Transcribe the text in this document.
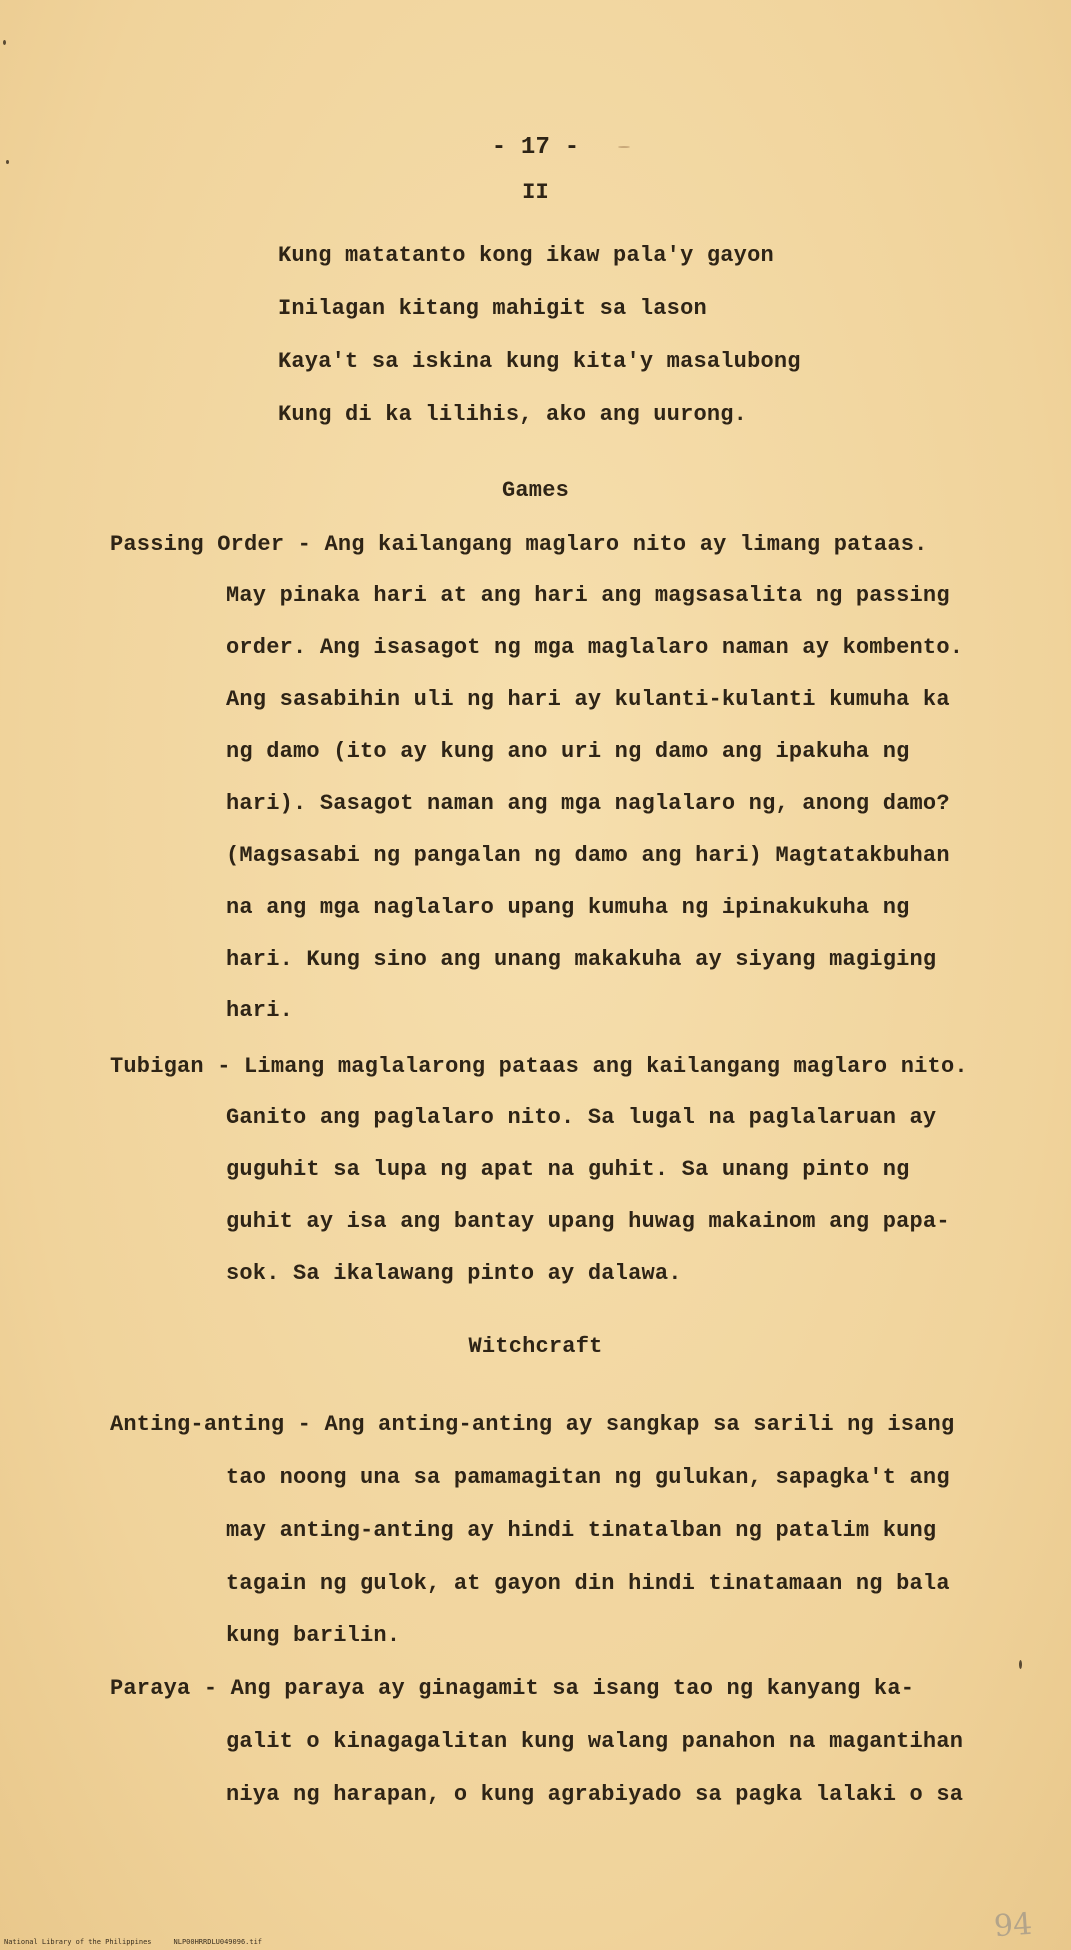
- 17 -
II
Kung matatanto kong ikaw pala'y gayon
Inilagan kitang mahigit sa lason
Kaya't sa iskina kung kita'y masalubong
Kung di ka lilihis, ako ang uurong.
Games
Passing Order - Ang kailangang maglaro nito ay limang pataas.
May pinaka hari at ang hari ang magsasalita ng passing
order. Ang isasagot ng mga maglalaro naman ay kombento.
Ang sasabihin uli ng hari ay kulanti-kulanti kumuha ka
ng damo (ito ay kung ano uri ng damo ang ipakuha ng
hari). Sasagot naman ang mga naglalaro ng, anong damo?
(Magsasabi ng pangalan ng damo ang hari) Magtatakbuhan
na ang mga naglalaro upang kumuha ng ipinakukuha ng
hari. Kung sino ang unang makakuha ay siyang magiging
hari.
Tubigan - Limang maglalarong pataas ang kailangang maglaro nito.
Ganito ang paglalaro nito. Sa lugal na paglalaruan ay
guguhit sa lupa ng apat na guhit. Sa unang pinto ng
guhit ay isa ang bantay upang huwag makainom ang papa-
sok. Sa ikalawang pinto ay dalawa.
Witchcraft
Anting-anting - Ang anting-anting ay sangkap sa sarili ng isang
tao noong una sa pamamagitan ng gulukan, sapagka't ang
may anting-anting ay hindi tinatalban ng patalim kung
tagain ng gulok, at gayon din hindi tinatamaan ng bala
kung barilin.
Paraya - Ang paraya ay ginagamit sa isang tao ng kanyang ka-
galit o kinagagalitan kung walang panahon na magantihan
niya ng harapan, o kung agrabiyado sa pagka lalaki o sa
94
National Library of the Philippines	NLP00HRRDLU049096.tif
